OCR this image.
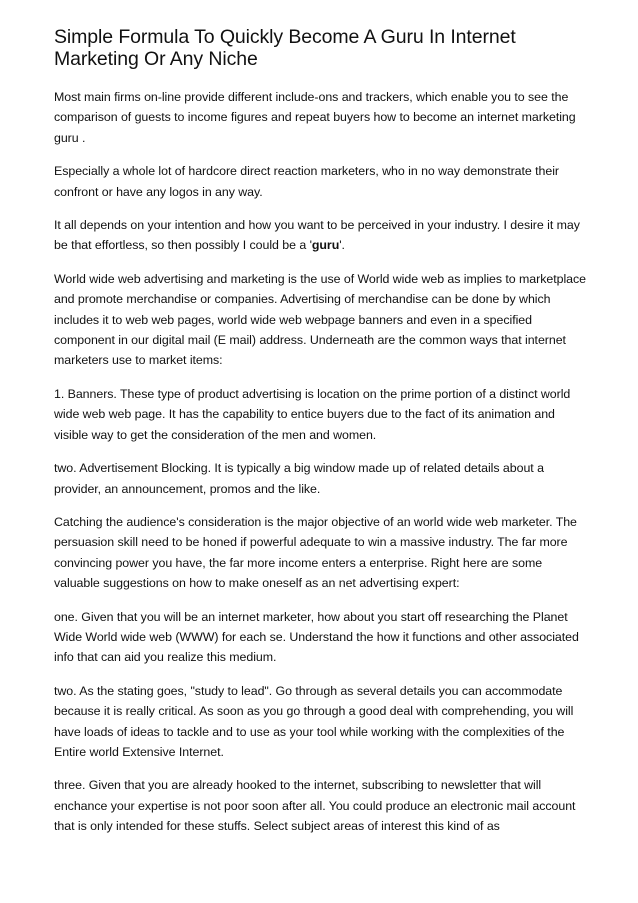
Simple Formula To Quickly Become A Guru In Internet Marketing Or Any Niche

Most main firms on-line provide different include-ons and trackers, which enable you to see the comparison of guests to income figures and repeat buyers how to become an internet marketing guru .

Especially a whole lot of hardcore direct reaction marketers, who in no way demonstrate their confront or have any logos in any way.

It all depends on your intention and how you want to be perceived in your industry. I desire it may be that effortless, so then possibly I could be a 'guru'.

World wide web advertising and marketing is the use of World wide web as implies to marketplace and promote merchandise or companies. Advertising of merchandise can be done by which includes it to web web pages, world wide web webpage banners and even in a specified component in our digital mail (E mail) address. Underneath are the common ways that internet marketers use to market items:

1. Banners. These type of product advertising is location on the prime portion of a distinct world wide web web page. It has the capability to entice buyers due to the fact of its animation and visible way to get the consideration of the men and women.

two. Advertisement Blocking. It is typically a big window made up of related details about a provider, an announcement, promos and the like.

Catching the audience's consideration is the major objective of an world wide web marketer. The persuasion skill need to be honed if powerful adequate to win a massive industry. The far more convincing power you have, the far more income enters a enterprise. Right here are some valuable suggestions on how to make oneself as an net advertising expert:

one. Given that you will be an internet marketer, how about you start off researching the Planet Wide World wide web (WWW) for each se. Understand the how it functions and other associated info that can aid you realize this medium.

two. As the stating goes, "study to lead". Go through as several details you can accommodate because it is really critical. As soon as you go through a good deal with comprehending, you will have loads of ideas to tackle and to use as your tool while working with the complexities of the Entire world Extensive Internet.

three. Given that you are already hooked to the internet, subscribing to newsletter that will enchance your expertise is not poor soon after all. You could produce an electronic mail account that is only intended for these stuffs. Select subject areas of interest this kind of as
